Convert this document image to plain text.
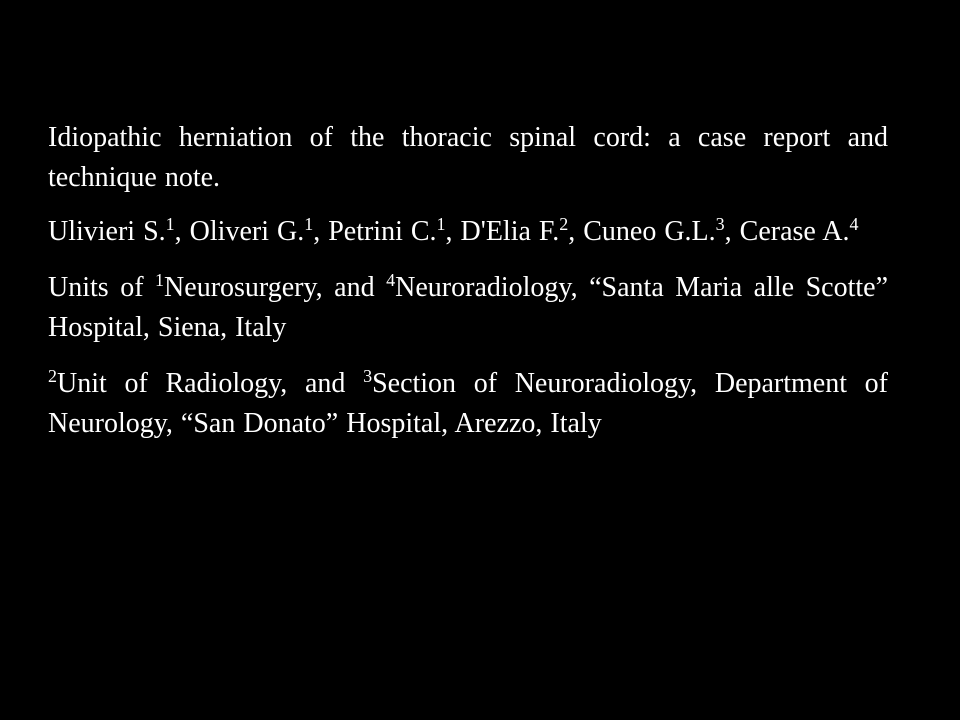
Idiopathic herniation of the thoracic spinal cord: a case report and technique note.

Ulivieri S.$^1$, Oliveri G.$^1$, Petrini C.$^1$, D'Elia F.$^2$, Cuneo G.L.$^3$, Cerase A.$^4$

Units of $^1$Neurosurgery, and $^4$Neuroradiology, “Santa Maria alle Scotte” Hospital, Siena, Italy

$^2$Unit of Radiology, and $^3$Section of Neuroradiology, Department of Neurology, “San Donato” Hospital, Arezzo, Italy
